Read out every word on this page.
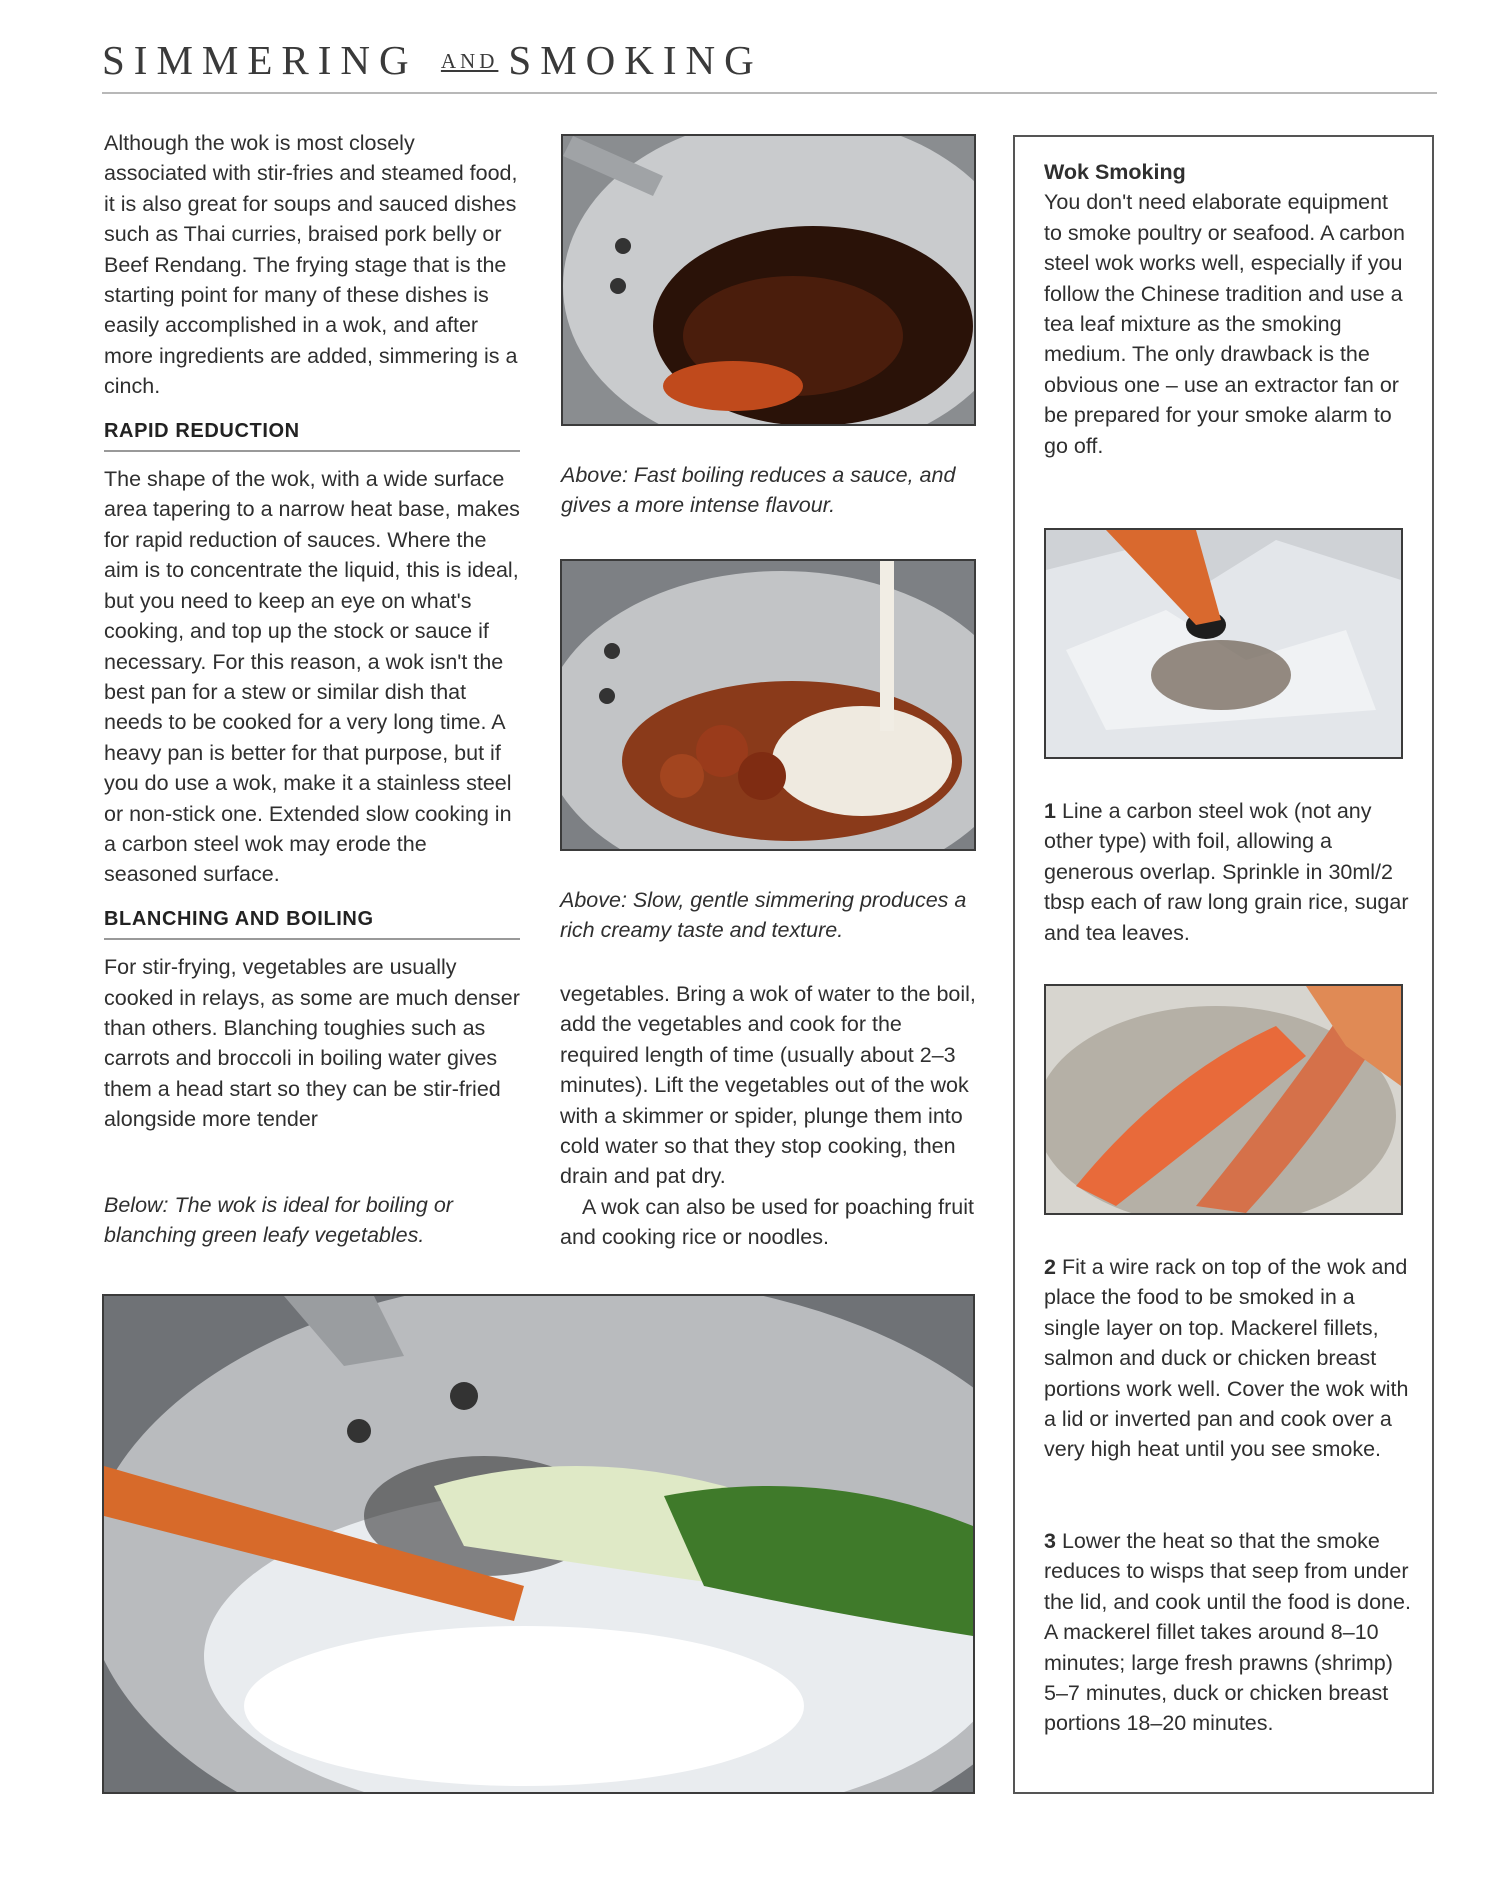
SIMMERING AND SMOKING

Although the wok is most closely associated with stir-fries and steamed food, it is also great for soups and sauced dishes such as Thai curries, braised pork belly or Beef Rendang. The frying stage that is the starting point for many of these dishes is easily accomplished in a wok, and after more ingredients are added, simmering is a cinch.

RAPID REDUCTION

The shape of the wok, with a wide surface area tapering to a narrow heat base, makes for rapid reduction of sauces. Where the aim is to concentrate the liquid, this is ideal, but you need to keep an eye on what's cooking, and top up the stock or sauce if necessary. For this reason, a wok isn't the best pan for a stew or similar dish that needs to be cooked for a very long time. A heavy pan is better for that purpose, but if you do use a wok, make it a stainless steel or non-stick one. Extended slow cooking in a carbon steel wok may erode the seasoned surface.

BLANCHING AND BOILING

For stir-frying, vegetables are usually cooked in relays, as some are much denser than others. Blanching toughies such as carrots and broccoli in boiling water gives them a head start so they can be stir-fried alongside more tender

Below: The wok is ideal for boiling or blanching green leafy vegetables.
Above: Fast boiling reduces a sauce, and gives a more intense flavour.
Above: Slow, gentle simmering produces a rich creamy taste and texture.

vegetables. Bring a wok of water to the boil, add the vegetables and cook for the required length of time (usually about 2–3 minutes). Lift the vegetables out of the wok with a skimmer or spider, plunge them into cold water so that they stop cooking, then drain and pat dry.

A wok can also be used for poaching fruit and cooking rice or noodles.

Wok Smoking

You don't need elaborate equipment to smoke poultry or seafood. A carbon steel wok works well, especially if you follow the Chinese tradition and use a tea leaf mixture as the smoking medium. The only drawback is the obvious one – use an extractor fan or be prepared for your smoke alarm to go off.

1 Line a carbon steel wok (not any other type) with foil, allowing a generous overlap. Sprinkle in 30ml/2 tbsp each of raw long grain rice, sugar and tea leaves.

2 Fit a wire rack on top of the wok and place the food to be smoked in a single layer on top. Mackerel fillets, salmon and duck or chicken breast portions work well. Cover the wok with a lid or inverted pan and cook over a very high heat until you see smoke.

3 Lower the heat so that the smoke reduces to wisps that seep from under the lid, and cook until the food is done. A mackerel fillet takes around 8–10 minutes; large fresh prawns (shrimp) 5–7 minutes, duck or chicken breast portions 18–20 minutes.
